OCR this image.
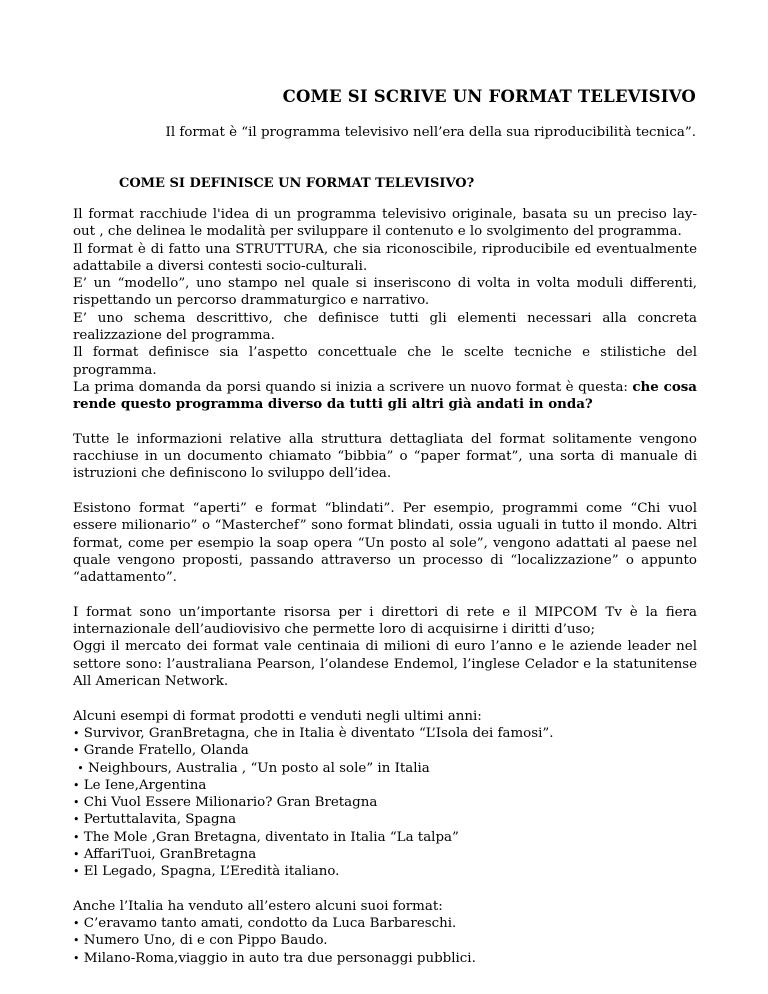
COME SI SCRIVE UN FORMAT TELEVISIVO
Il format è “il programma televisivo nell’era della sua riproducibilità tecnica”.
COME SI DEFINISCE UN FORMAT TELEVISIVO?

Il format racchiude l'idea di un programma televisivo originale, basata su un preciso lay-out , che delinea le modalità per sviluppare il contenuto e lo svolgimento del programma.

Il format è di fatto una STRUTTURA, che sia riconoscibile, riproducibile ed eventualmente adattabile a diversi contesti socio-culturali.

E’ un “modello”, uno stampo nel quale si inseriscono di volta in volta moduli differenti, rispettando un percorso drammaturgico e narrativo.

E’ uno schema descrittivo, che definisce tutti gli elementi necessari alla concreta realizzazione del programma.

Il format definisce sia l’aspetto concettuale che le scelte tecniche e stilistiche del programma.

La prima domanda da porsi quando si inizia a scrivere un nuovo format è questa: che cosa rende questo programma diverso da tutti gli altri già andati in onda?

Tutte le informazioni relative alla struttura dettagliata del format solitamente vengono racchiuse in un documento chiamato “bibbia” o “paper format”, una sorta di manuale di istruzioni che definiscono lo sviluppo dell’idea.

Esistono format “aperti” e format “blindati”. Per esempio, programmi come “Chi vuol essere milionario” o “Masterchef” sono format blindati, ossia uguali in tutto il mondo. Altri format, come per esempio la soap opera “Un posto al sole”, vengono adattati al paese nel quale vengono proposti, passando attraverso un processo di “localizzazione” o appunto “adattamento”.

I format sono un’importante risorsa per i direttori di rete e il MIPCOM Tv è la fiera internazionale dell’audiovisivo che permette loro di acquisirne i diritti d’uso;

Oggi il mercato dei format vale centinaia di milioni di euro l’anno e le aziende leader nel settore sono: l’australiana Pearson, l’olandese Endemol, l’inglese Celador e la statunitense All American Network.

Alcuni esempi di format prodotti e venduti negli ultimi anni:

• Survivor, GranBretagna, che in Italia è diventato “L’Isola dei famosi”.
• Grande Fratello, Olanda
• Neighbours, Australia , “Un posto al sole” in Italia
• Le Iene,Argentina
• Chi Vuol Essere Milionario? Gran Bretagna
• Pertuttalavita, Spagna
• The Mole ,Gran Bretagna, diventato in Italia “La talpa”
• AffariTuoi, GranBretagna
• El Legado, Spagna, L’Eredità italiano.

Anche l’Italia ha venduto all’estero alcuni suoi format:

• C’eravamo tanto amati, condotto da Luca Barbareschi.
• Numero Uno, di e con Pippo Baudo.
• Milano-Roma,viaggio in auto tra due personaggi pubblici.
